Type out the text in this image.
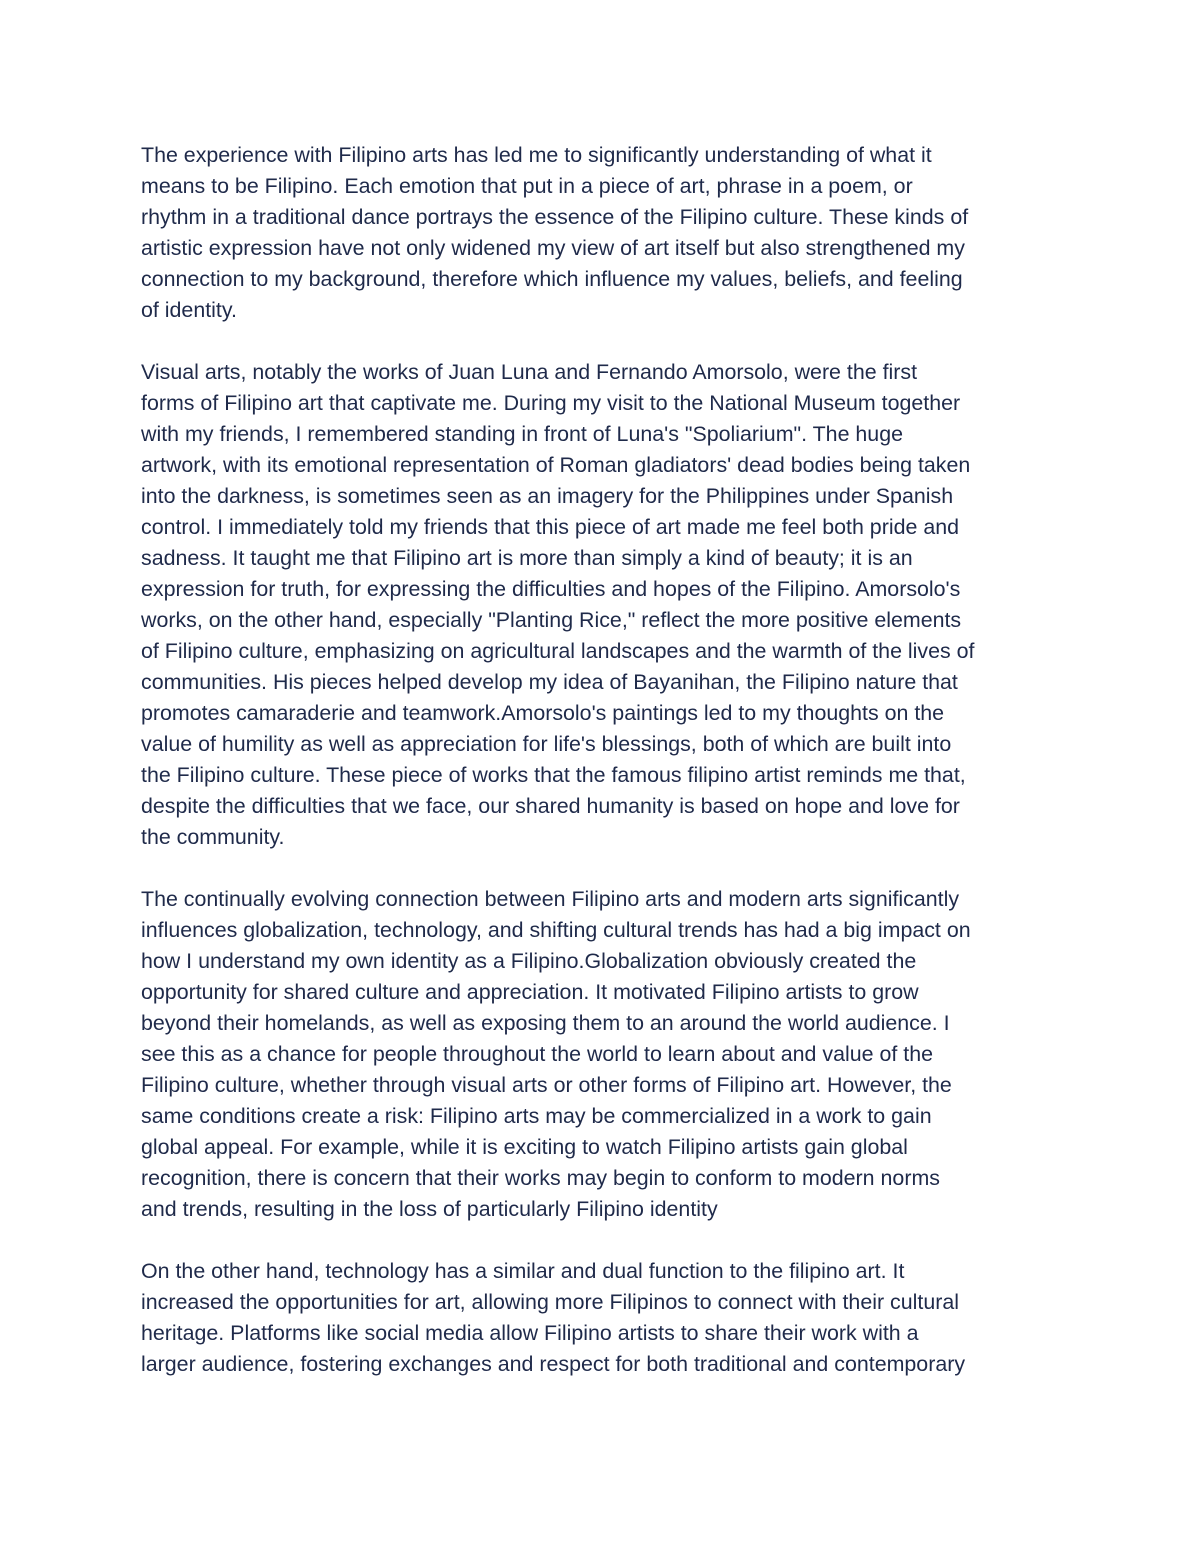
The experience with Filipino arts has led me to significantly understanding of what it
means to be Filipino. Each emotion that put in a piece of art, phrase in a poem, or
rhythm in a traditional dance portrays the essence of the Filipino culture. These kinds of
artistic expression have not only widened my view of art itself but also strengthened my
connection to my background, therefore which influence my values, beliefs, and feeling
of identity.

Visual arts, notably the works of Juan Luna and Fernando Amorsolo, were the first
forms of Filipino art that captivate me. During my visit to the National Museum together
with my friends, I remembered standing in front of Luna's "Spoliarium". The huge
artwork, with its emotional representation of Roman gladiators' dead bodies being taken
into the darkness, is sometimes seen as an imagery for the Philippines under Spanish
control. I immediately told my friends that this piece of art made me feel both pride and
sadness. It taught me that Filipino art is more than simply a kind of beauty; it is an
expression for truth, for expressing the difficulties and hopes of the Filipino. Amorsolo's
works, on the other hand, especially "Planting Rice," reflect the more positive elements
of Filipino culture, emphasizing on agricultural landscapes and the warmth of the lives of
communities. His pieces helped develop my idea of Bayanihan, the Filipino nature that
promotes camaraderie and teamwork.Amorsolo's paintings led to my thoughts on the
value of humility as well as appreciation for life's blessings, both of which are built into
the Filipino culture. These piece of works that the famous filipino artist reminds me that,
despite the difficulties that we face, our shared humanity is based on hope and love for
the community.

The continually evolving connection between Filipino arts and modern arts significantly
influences globalization, technology, and shifting cultural trends has had a big impact on
how I understand my own identity as a Filipino.Globalization obviously created the
opportunity for shared culture and appreciation. It motivated Filipino artists to grow
beyond their homelands, as well as exposing them to an around the world audience. I
see this as a chance for people throughout the world to learn about and value of the
Filipino culture, whether through visual arts or other forms of Filipino art. However, the
same conditions create a risk: Filipino arts may be commercialized in a work to gain
global appeal. For example, while it is exciting to watch Filipino artists gain global
recognition, there is concern that their works may begin to conform to modern norms
and trends, resulting in the loss of particularly Filipino identity

On the other hand, technology has a similar and dual function to the filipino art. It
increased the opportunities for art, allowing more Filipinos to connect with their cultural
heritage. Platforms like social media allow Filipino artists to share their work with a
larger audience, fostering exchanges and respect for both traditional and contemporary
